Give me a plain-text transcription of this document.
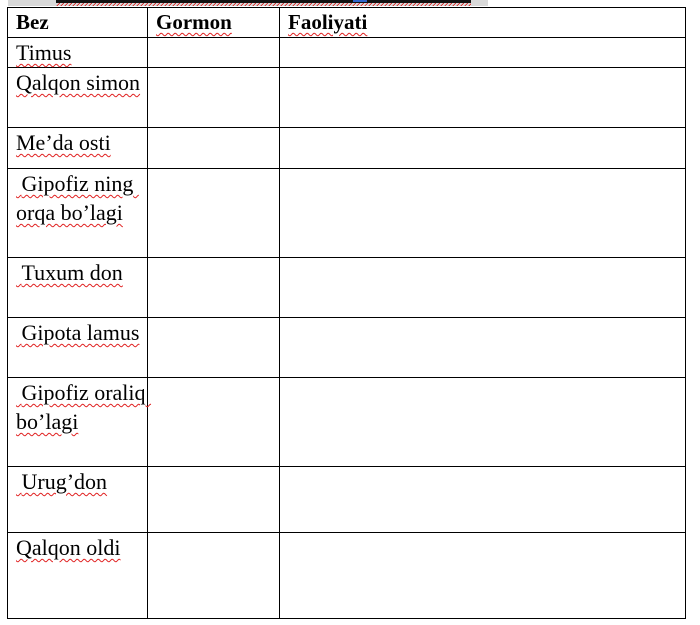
Bez	Gormon	Faoliyati

Timus		

Qalqon simon		

Me’da osti		

Gipofiz ning orqa bo’lagi		

Tuxum don		

Gipota lamus		

Gipofiz oraliq bo’lagi		

Urug’don		

Qalqon oldi		
